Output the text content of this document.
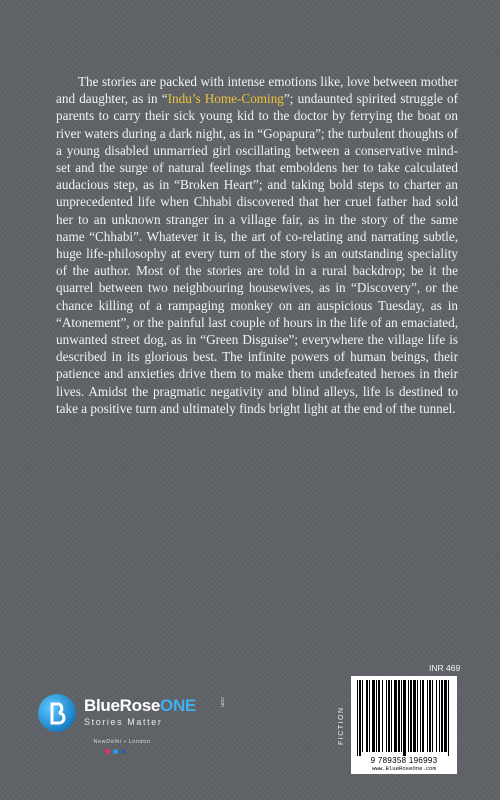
The stories are packed with intense emotions like, love between mother and daughter, as in “Indu’s Home-Coming”; undaunted spirited struggle of parents to carry their sick young kid to the doctor by ferrying the boat on river waters during a dark night, as in “Gopapura”; the turbulent thoughts of a young disabled unmarried girl oscillating between a conservative mind-set and the surge of natural feelings that emboldens her to take calculated audacious step, as in “Broken Heart”; and taking bold steps to charter an unprecedented life when Chhabi discovered that her cruel father had sold her to an unknown stranger in a village fair, as in the story of the same name “Chhabi”. Whatever it is, the art of co-relating and narrating subtle, huge life-philosophy at every turn of the story is an outstanding speciality of the author. Most of the stories are told in a rural backdrop; be it the quarrel between two neighbouring housewives, as in “Discovery”, or the chance killing of a rampaging monkey on an auspicious Tuesday, as in “Atonement”, or the painful last couple of hours in the life of an emaciated, unwanted street dog, as in “Green Disguise”; everywhere the village life is described in its glorious best. The infinite powers of human beings, their patience and anxieties drive them to make them undefeated heroes in their lives. Amidst the pragmatic negativity and blind alleys, life is destined to take a positive turn and ultimately finds bright light at the end of the tunnel.

BlueRoseONE	.com
Stories Matter
NewDelhi • London
INR 469
FICTION
9 789358 196993
www.BlueRoseOne.com
